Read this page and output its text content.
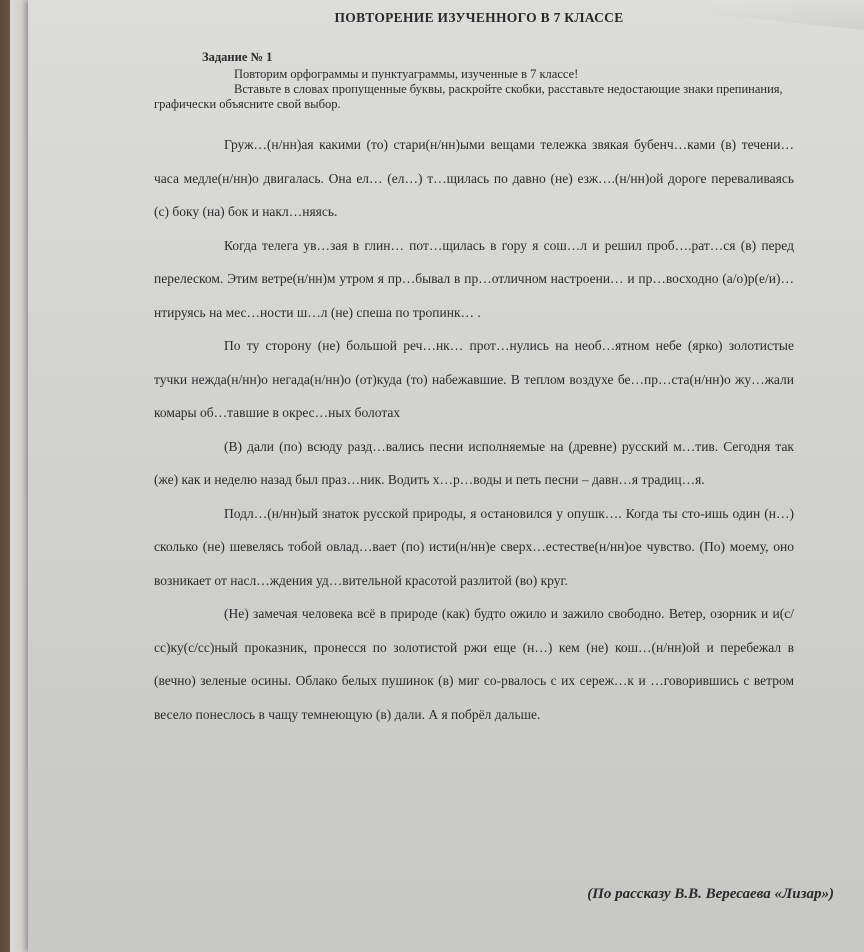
ПОВТОРЕНИЕ ИЗУЧЕННОГО В 7 КЛАССЕ
Задание № 1

Повторим орфограммы и пунктуаграммы, изученные в 7 классе!

Вставьте в словах пропущенные буквы, раскройте скобки, расставьте недостающие знаки препинания, графически объясните свой выбор.

Груж…(н/нн)ая какими (то) стари(н/нн)ыми вещами тележка звякая бубенч…ками (в) течени… часа медле(н/нн)о двигалась. Она ел… (ел…) т…щилась по давно (не) езж….(н/нн)ой дороге переваливаясь (с) боку (на) бок и накл…няясь.

Когда телега ув…зая в глин… пот…щилась в гору я сош…л и решил проб….рат…ся (в) перед перелеском. Этим ветре(н/нн)м утром я пр…бывал в пр…отличном настроени… и пр…восходно (а/о)р(е/и)…нтируясь на мес…ности ш…л (не) спеша по тропинк… .

По ту сторону (не) большой реч…нк… прот…нулись на необ…ятном небе (ярко) золотистые тучки нежда(н/нн)о негада(н/нн)о (от)куда (то) набежавшие. В теплом воздухе бе…пр…ста(н/нн)о жу…жали комары об…тавшие в окрес…ных болотах

(В) дали (по) всюду разд…вались песни исполняемые на (древне) русский м…тив. Сегодня так (же) как и неделю назад был праз…ник. Водить х…р…воды и петь песни – давн…я традиц…я.

Подл…(н/нн)ый знаток русской природы, я остановился у опушк…. Когда ты сто-ишь один (н…) сколько (не) шевелясь тобой овлад…вает (по) исти(н/нн)е сверх…естестве(н/нн)ое чувство. (По) моему, оно возникает от насл…ждения уд…вительной красотой разлитой (во) круг.

(Не) замечая человека всё в природе (как) будто ожило и зажило свободно. Ветер, озорник и и(с/сс)ку(с/сс)ный проказник, пронесся по золотистой ржи еще (н…) кем (не) кош…(н/нн)ой и перебежал в (вечно) зеленые осины. Облако белых пушинок (в) миг со-рвалось с их сереж…к и …говорившись с ветром весело понеслось в чащу темнеющую (в) дали. А я побрёл дальше.

(По рассказу В.В. Вересаева «Лизар»)
